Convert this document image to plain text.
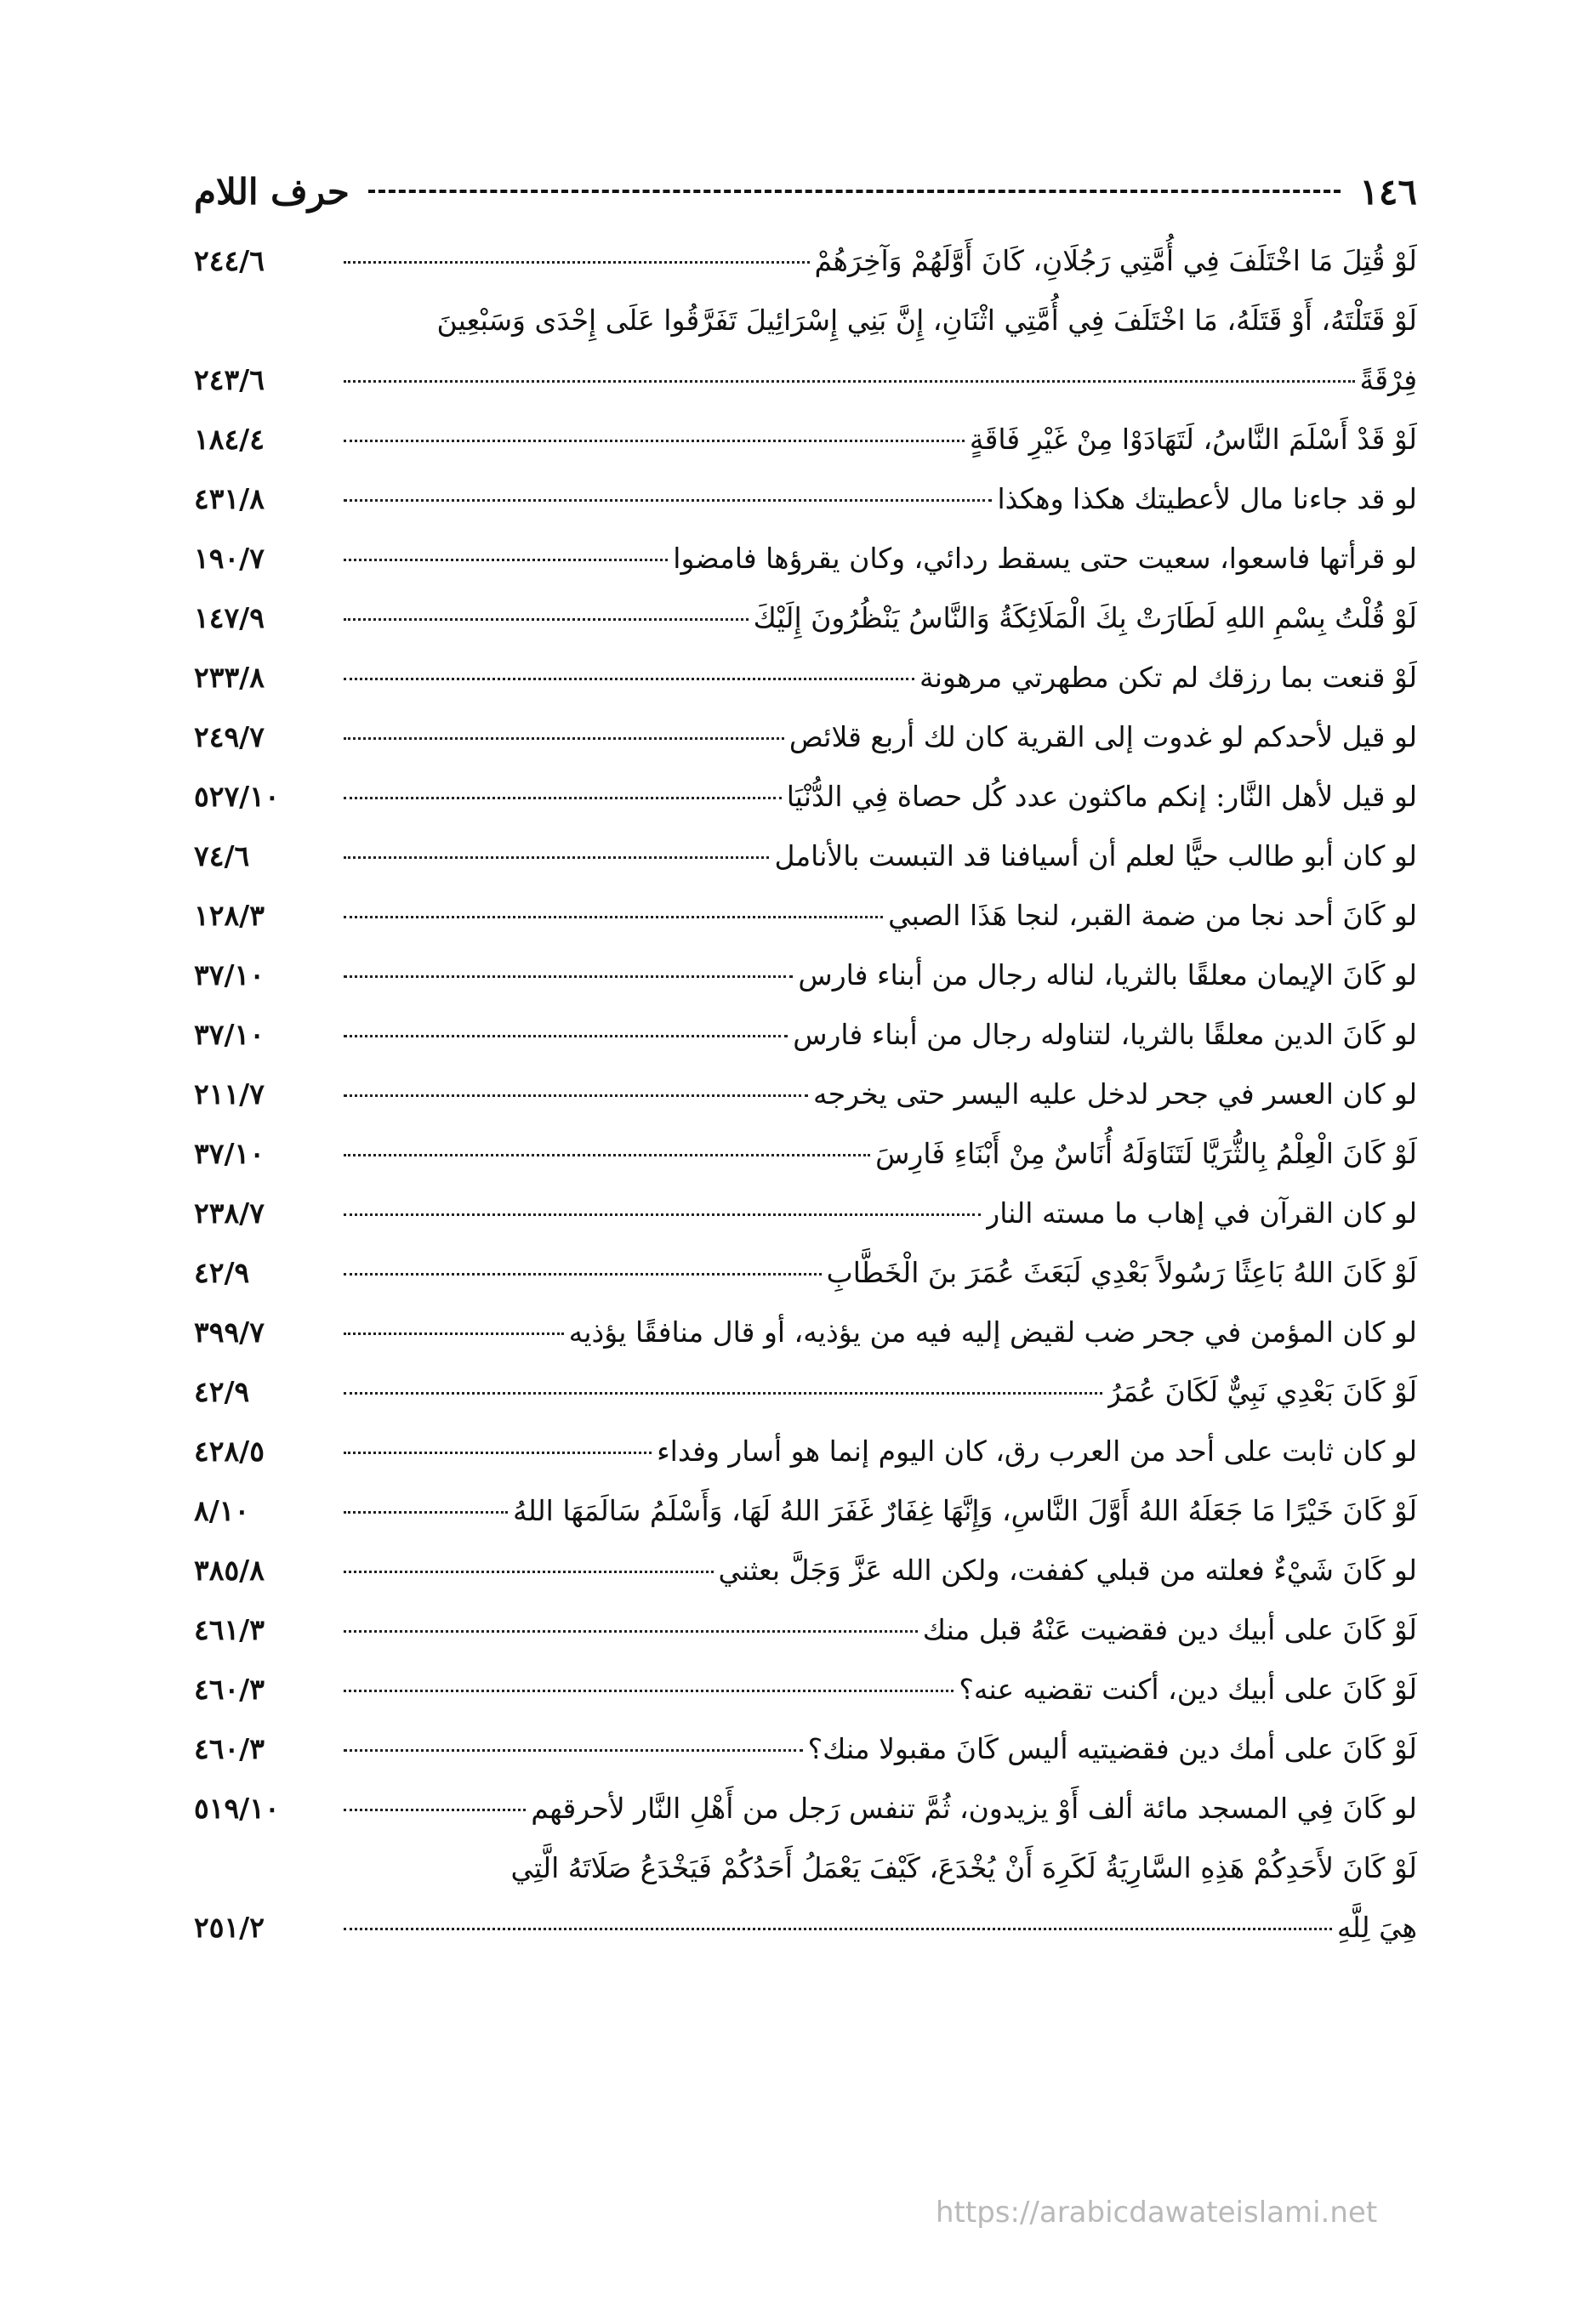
١٤٦
حرف اللام
لَوْ قُتِلَ مَا اخْتَلَفَ فِي أُمَّتِي رَجُلَانِ، كَانَ أَوَّلَهُمْ وَآخِرَهُمْ
٢٤٤/٦
لَوْ قَتَلْتَهُ، أَوْ قَتَلَهُ، مَا اخْتَلَفَ فِي أُمَّتِي اثْنَانِ، إِنَّ بَنِي إِسْرَائِيلَ تَفَرَّقُوا عَلَى إِحْدَى وَسَبْعِينَ
فِرْقَةً
٢٤٣/٦
لَوْ قَدْ أَسْلَمَ النَّاسُ، لَتَهَادَوْا مِنْ غَيْرِ فَاقَةٍ
١٨٤/٤
لو قد جاءنا مال لأعطيتك هكذا وهكذا
٤٣١/٨
لو قرأتها فاسعوا، سعيت حتى يسقط ردائي، وكان يقرؤها فامضوا
١٩٠/٧
لَوْ قُلْتُ بِسْمِ اللهِ لَطَارَتْ بِكَ الْمَلَائِكَةُ وَالنَّاسُ يَنْظُرُونَ إِلَيْكَ
١٤٧/٩
لَوْ قنعت بما رزقك لم تكن مطهرتي مرهونة
٢٣٣/٨
لو قيل لأحدكم لو غدوت إلى القرية كان لك أربع قلائص
٢٤٩/٧
لو قيل لأهل النَّار: إنكم ماكثون عدد كُل حصاة فِي الدُّنْيَا
٥٢٧/١٠
لو كان أبو طالب حيًّا لعلم أن أسيافنا قد التبست بالأنامل
٧٤/٦
لو كَانَ أحد نجا من ضمة القبر، لنجا هَذَا الصبي
١٢٨/٣
لو كَانَ الإيمان معلقًا بالثريا، لناله رجال من أبناء فارس
٣٧/١٠
لو كَانَ الدين معلقًا بالثريا، لتناوله رجال من أبناء فارس
٣٧/١٠
لو كان العسر في جحر لدخل عليه اليسر حتى يخرجه
٢١١/٧
لَوْ كَانَ الْعِلْمُ بِالثُّرَيَّا لَتَنَاوَلَهُ أُنَاسٌ مِنْ أَبْنَاءِ فَارِسَ
٣٧/١٠
لو كان القرآن في إهاب ما مسته النار
٢٣٨/٧
لَوْ كَانَ اللهُ بَاعِثًا رَسُولاً بَعْدِي لَبَعَثَ عُمَرَ بنَ الْخَطَّابِ
٤٢/٩
لو كان المؤمن في جحر ضب لقيض إليه فيه من يؤذيه، أو قال منافقًا يؤذيه
٣٩٩/٧
لَوْ كَانَ بَعْدِي نَبِيٌّ لَكَانَ عُمَرُ
٤٢/٩
لو كان ثابت على أحد من العرب رق، كان اليوم إنما هو أسار وفداء
٤٢٨/٥
لَوْ كَانَ خَيْرًا مَا جَعَلَهُ اللهُ أَوَّلَ النَّاسِ، وَإِنَّهَا غِفَارٌ غَفَرَ اللهُ لَهَا، وَأَسْلَمُ سَالَمَهَا اللهُ
٨/١٠
لو كَانَ شَيْءٌ فعلته من قبلي كففت، ولكن الله عَزَّ وَجَلَّ بعثني
٣٨٥/٨
لَوْ كَانَ على أبيك دين فقضيت عَنْهُ قبل منك
٤٦١/٣
لَوْ كَانَ على أبيك دين، أكنت تقضيه عنه؟
٤٦٠/٣
لَوْ كَانَ على أمك دين فقضيتيه أليس كَانَ مقبولا منك؟
٤٦٠/٣
لو كَانَ فِي المسجد مائة ألف أَوْ يزيدون، ثُمَّ تنفس رَجل من أَهْلِ النَّار لأحرقهم
٥١٩/١٠
لَوْ كَانَ لأَحَدِكُمْ هَذِهِ السَّارِيَةُ لَكَرِهَ أَنْ يُخْدَعَ، كَيْفَ يَعْمَلُ أَحَدُكُمْ فَيَخْدَعُ صَلَاتَهُ الَّتِي
هِيَ لِلَّهِ
٢٥١/٢
https://arabicdawateislami.net
